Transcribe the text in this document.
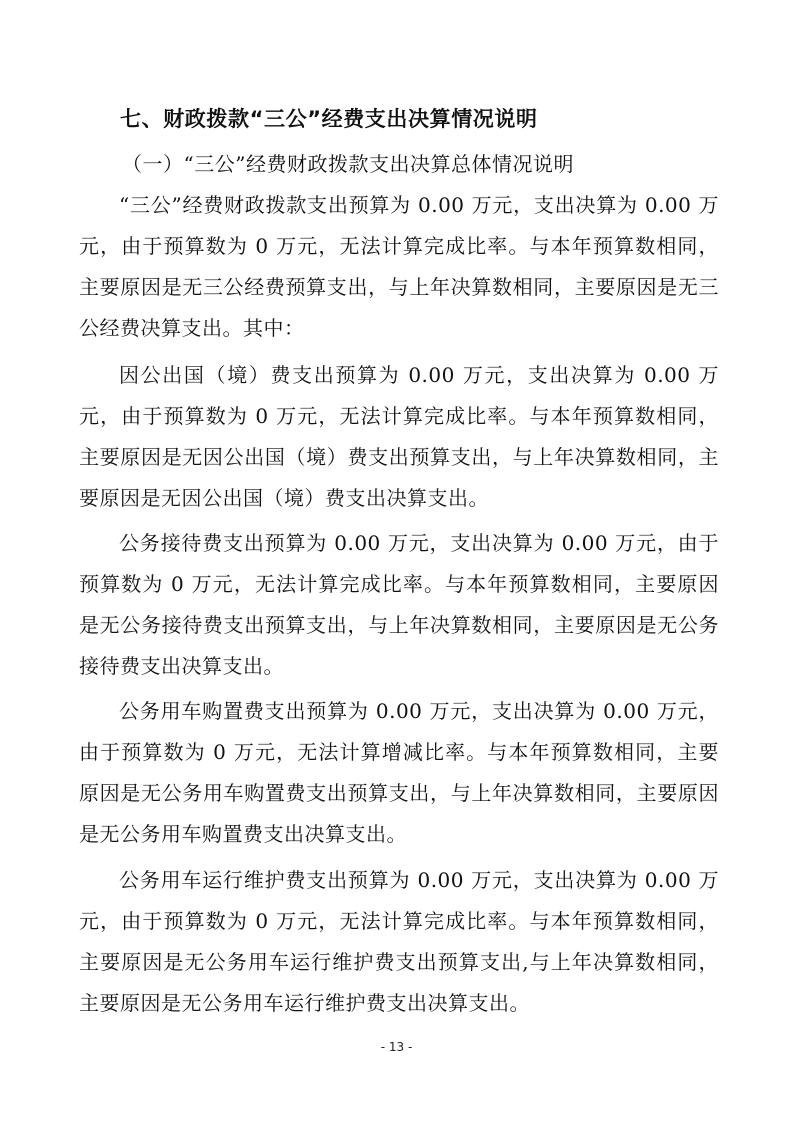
七、财政拨款“三公”经费支出决算情况说明
（一）“三公”经费财政拨款支出决算总体情况说明

“三公”经费财政拨款支出预算为 0.00 万元，支出决算为 0.00 万元，由于预算数为 0 万元，无法计算完成比率。与本年预算数相同，主要原因是无三公经费预算支出，与上年决算数相同，主要原因是无三公经费决算支出。其中：

因公出国（境）费支出预算为 0.00 万元，支出决算为 0.00 万元，由于预算数为 0 万元，无法计算完成比率。与本年预算数相同，主要原因是无因公出国（境）费支出预算支出，与上年决算数相同，主要原因是无因公出国（境）费支出决算支出。

公务接待费支出预算为 0.00 万元，支出决算为 0.00 万元，由于预算数为 0 万元，无法计算完成比率。与本年预算数相同，主要原因是无公务接待费支出预算支出，与上年决算数相同，主要原因是无公务接待费支出决算支出。

公务用车购置费支出预算为 0.00 万元，支出决算为 0.00 万元，由于预算数为 0 万元，无法计算增减比率。与本年预算数相同，主要原因是无公务用车购置费支出预算支出，与上年决算数相同，主要原因是无公务用车购置费支出决算支出。

公务用车运行维护费支出预算为 0.00 万元，支出决算为 0.00 万元，由于预算数为 0 万元，无法计算完成比率。与本年预算数相同，主要原因是无公务用车运行维护费支出预算支出,与上年决算数相同，主要原因是无公务用车运行维护费支出决算支出。

- 13 -
